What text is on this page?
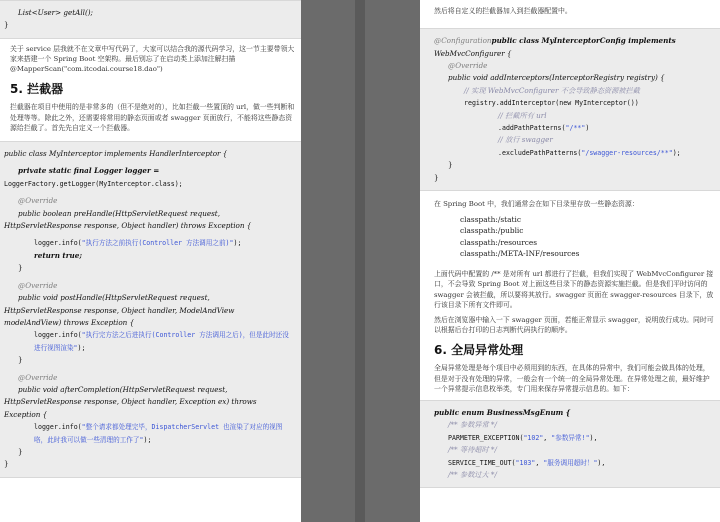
List<User> getAll();
}

关于 service 层我就不在文章中写代码了，大家可以结合我的源代码学习，这一节主要带领大家来搭建一个 Spring Boot 空架构。最后别忘了在启动类上添加注解扫描 @MapperScan("com.itcodai.course18.dao")

5. 拦截器

拦截器在项目中使用的是非常多的（但不是绝对的），比如拦截一些置顶的 url，做一些判断和处理等等。除此之外，还需要将常用的静态页面或者 swagger 页面放行，不能将这些静态资源给拦截了。首先先自定义一个拦截器。

public class MyInterceptor implements HandlerInterceptor {
private static final Logger logger =
LoggerFactory.getLogger(MyInterceptor.class);
@Override
public boolean preHandle(HttpServletRequest request,
HttpServletResponse response, Object handler) throws Exception {
logger.info("执行方法之前执行(Controller 方法调用之前)");
return true;
}
@Override
public void postHandle(HttpServletRequest request,
HttpServletResponse response, Object handler, ModelAndView
modelAndView) throws Exception {
logger.info("执行完方法之后进执行(Controller 方法调用之后)，但是此时还没进行视图渲染");
}
@Override
public void afterCompletion(HttpServletRequest request,
HttpServletResponse response, Object handler, Exception ex) throws
Exception {
logger.info("整个请求都处理完毕，DispatcherServlet 也渲染了对应的视图咯，此时我可以做一些清理的工作了");
}
}

然后将自定义的拦截器加入到拦截器配置中。

@Configurationpublic class MyInterceptorConfig implements
WebMvcConfigurer {
@Override
public void addInterceptors(InterceptorRegistry registry) {
// 实现 WebMvcConfigurer 不会导致静态资源被拦截
registry.addInterceptor(new MyInterceptor())
// 拦截所有 url
.addPathPatterns("/**")
// 放行 swagger
.excludePathPatterns("/swagger-resources/**");
}
}

在 Spring Boot 中，我们通常会在如下目录里存放一些静态资源：

classpath:/static
classpath:/public
classpath:/resources
classpath:/META-INF/resources

上面代码中配置的 /** 是对所有 url 都进行了拦截，但我们实现了 WebMvcConfigurer 接口，不会导致 Spring Boot 对上面这些目录下的静态资源实施拦截。但是我们平时访问的 swagger 会被拦截，所以要将其放行。swagger 页面在 swagger-resources 目录下，放行该目录下所有文件即可。

然后在浏览器中输入一下 swagger 页面，若能正常显示 swagger，说明放行成功。同时可以根据后台打印的日志判断代码执行的顺序。

6. 全局异常处理

全局异常处理是每个项目中必须用到的东西，在具体的异常中，我们可能会做具体的处理，但是对于没有处理的异常，一般会有一个统一的全局异常处理。在异常处理之前，最好维护一个异常提示信息枚举类，专门用来保存异常提示信息的。如下：

public enum BusinessMsgEnum {
/** 参数异常 */
PARMETER_EXCEPTION("102", "参数异常!"),
/** 等待超时 */
SERVICE_TIME_OUT("103", "服务调用超时！"),
/** 参数过大 */
